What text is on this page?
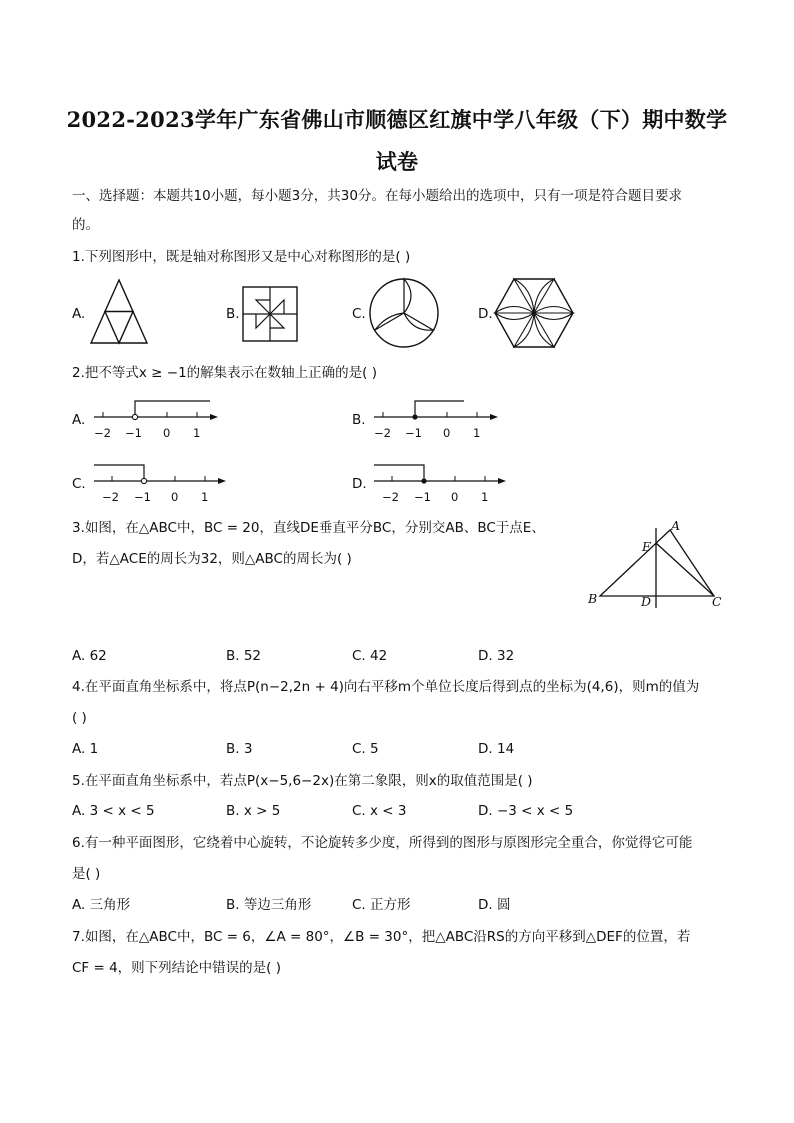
2022-2023学年广东省佛山市顺德区红旗中学八年级（下）期中数学
试卷
一、选择题：本题共10小题，每小题3分，共30分。在每小题给出的选项中，只有一项是符合题目要求
的。
1.下列图形中，既是轴对称图形又是中心对称图形的是( )
A.	B.	C.	D.
2.把不等式x ≥ −1的解集表示在数轴上正确的是( )
A.	B.
C.	D.
−2 −1 0 1	−2 −1 0 1
−2 −1 0 1	−2 −1 0 1
3.如图，在△ABC中，BC = 20，直线DE垂直平分BC，分别交AB、BC于点E、
D，若△ACE的周长为32，则△ABC的周长为( )
A
E
B	D	C
A. 62	B. 52	C. 42	D. 32
4.在平面直角坐标系中，将点P(n−2,2n + 4)向右平移m个单位长度后得到点的坐标为(4,6)，则m的值为
( )
A. 1	B. 3	C. 5	D. 14
5.在平面直角坐标系中，若点P(x−5,6−2x)在第二象限，则x的取值范围是( )
A. 3 < x < 5	B. x > 5	C. x < 3	D. −3 < x < 5
6.有一种平面图形，它绕着中心旋转，不论旋转多少度，所得到的图形与原图形完全重合，你觉得它可能
是( )
A. 三角形	B. 等边三角形	C. 正方形	D. 圆
7.如图，在△ABC中，BC = 6，∠A = 80°，∠B = 30°，把△ABC沿RS的方向平移到△DEF的位置，若
CF = 4，则下列结论中错误的是( )
